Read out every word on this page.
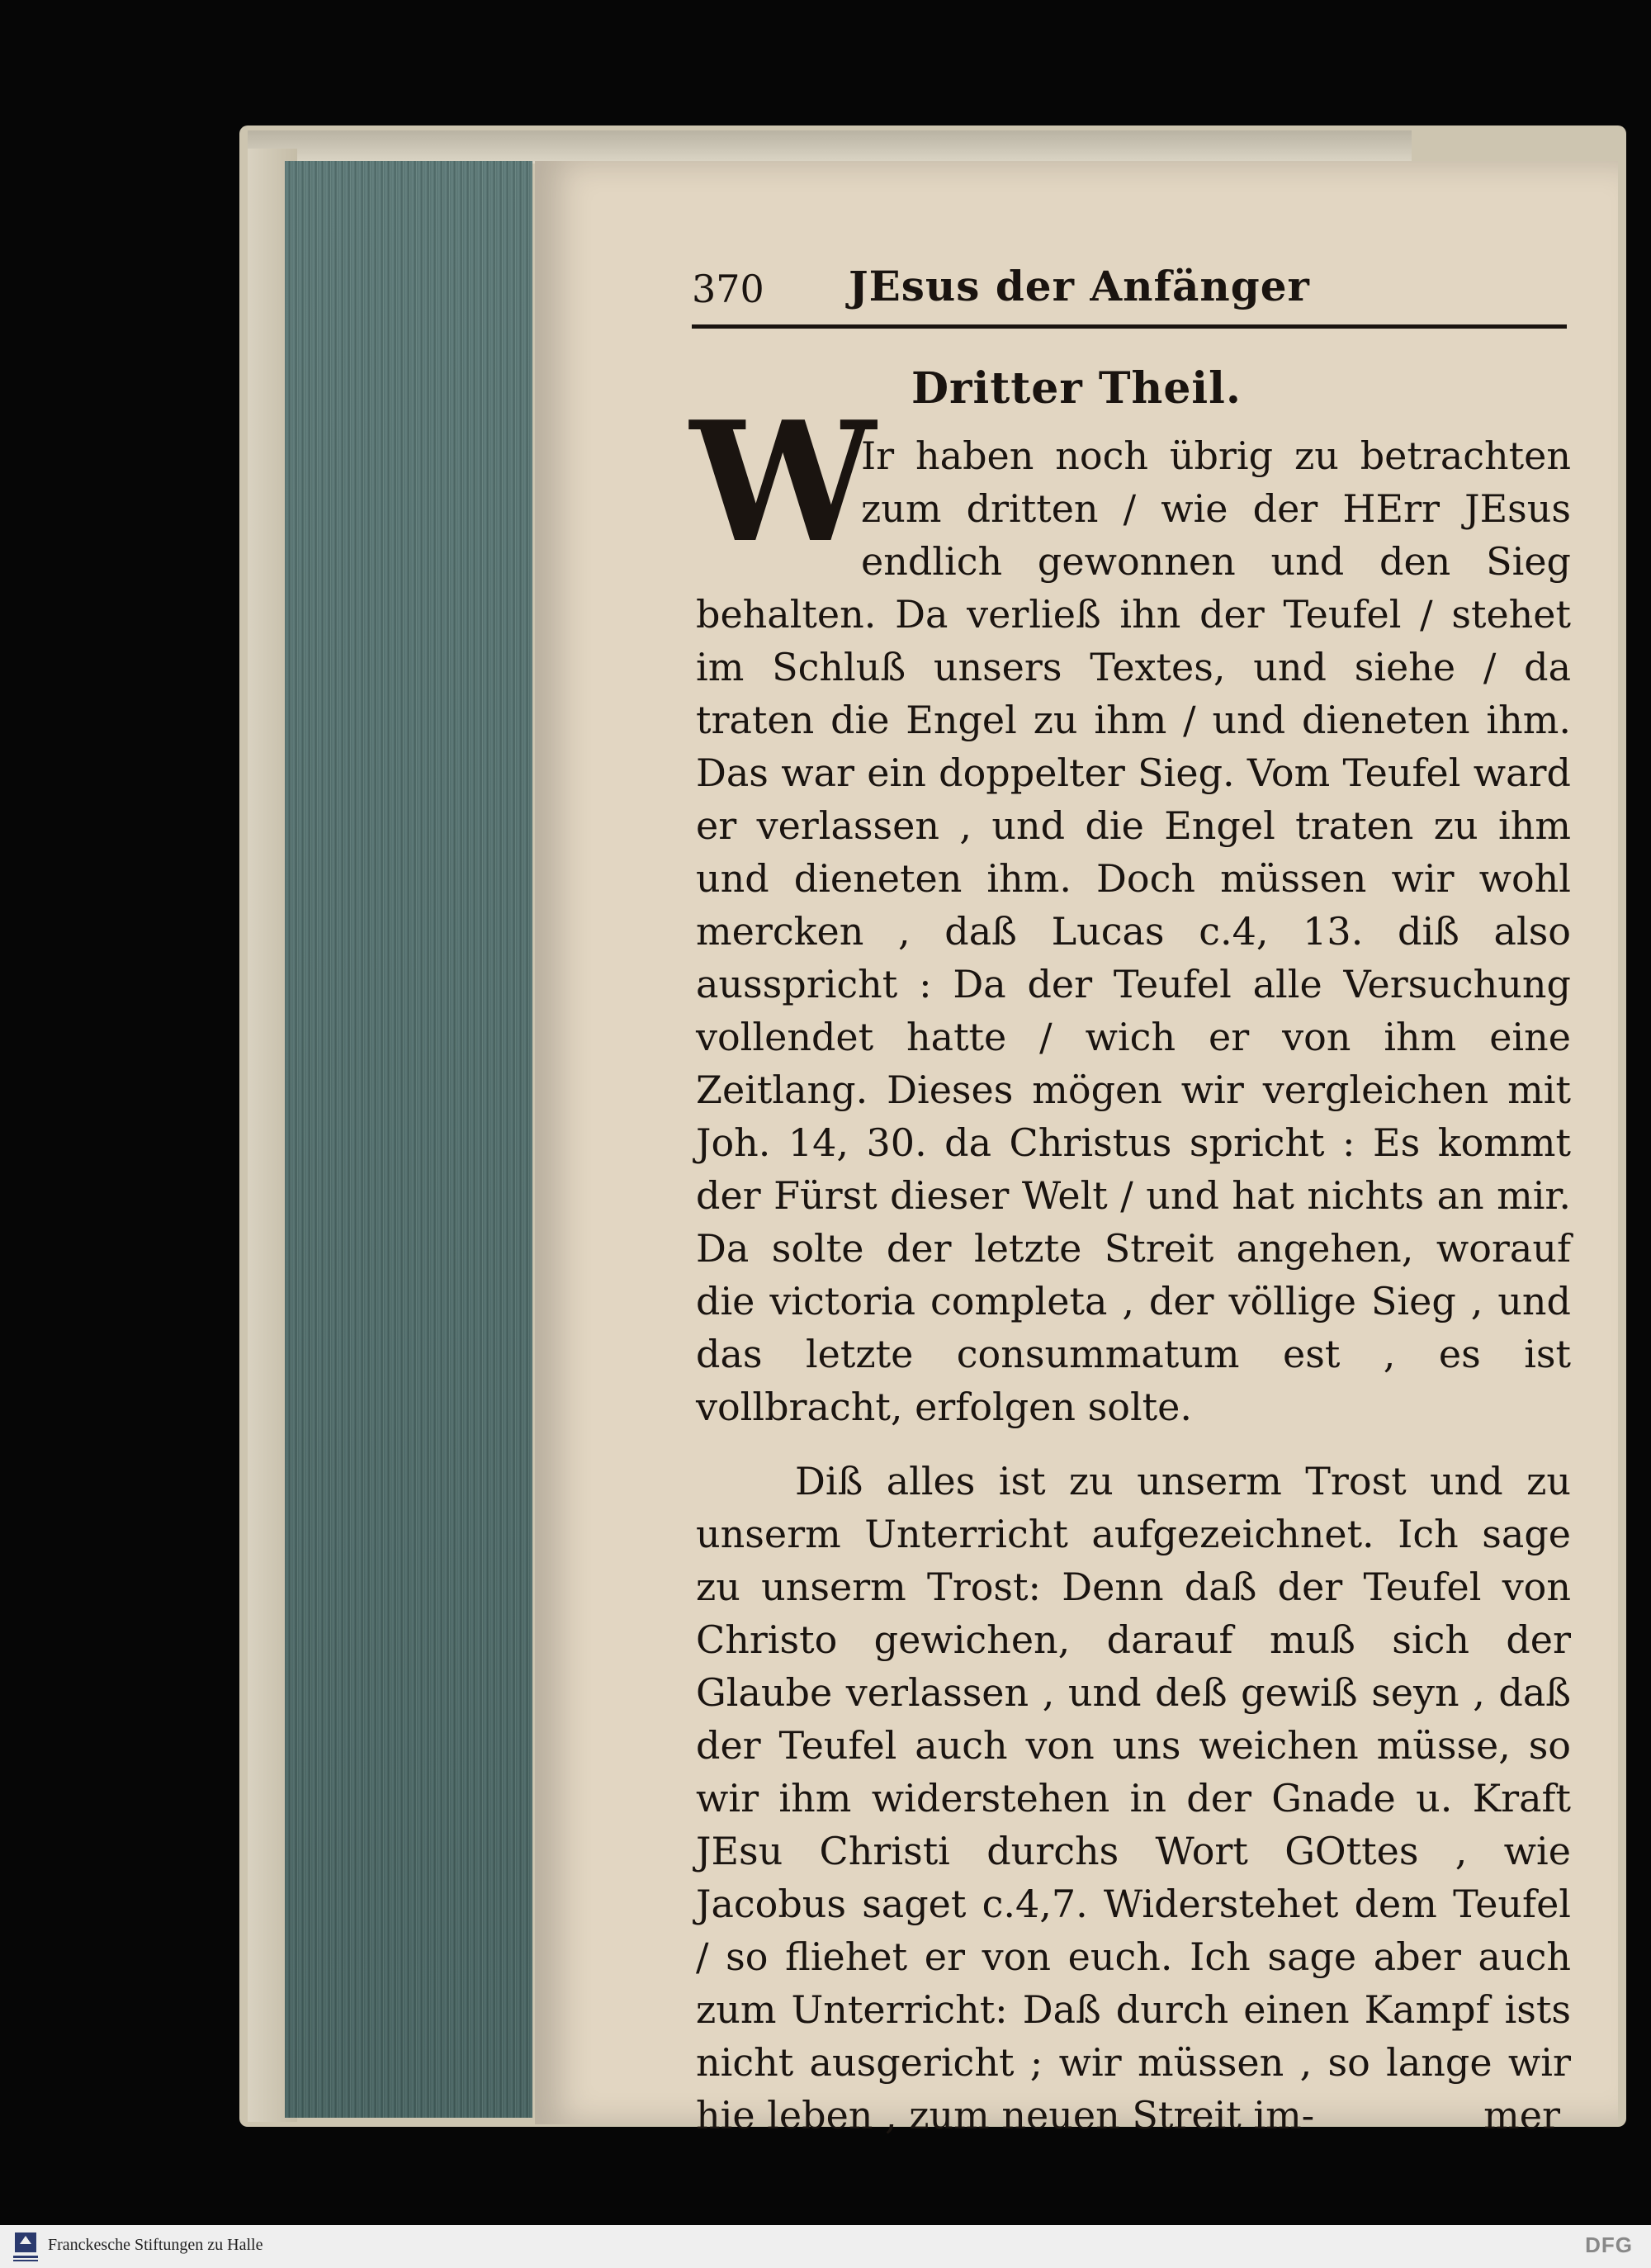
370 JEsus der Anfänger
Dritter Theil.
W

Ir haben noch übrig zu betrachten zum dritten / wie der HErr JEsus endlich gewonnen und den Sieg behalten. Da verließ ihn der Teufel / stehet im Schluß unsers Textes, und siehe / da traten die Engel zu ihm / und dieneten ihm. Das war ein doppelter Sieg. Vom Teufel ward er verlassen , und die Engel traten zu ihm und dieneten ihm. Doch müssen wir wohl mercken , daß Lucas c.4, 13. diß also ausspricht : Da der Teufel alle Versuchung vollendet hatte / wich er von ihm eine Zeitlang. Dieses mögen wir vergleichen mit Joh. 14, 30. da Christus spricht : Es kommt der Fürst dieser Welt / und hat nichts an mir. Da solte der letzte Streit angehen, worauf die victoria completa , der völlige Sieg , und das letzte consummatum est , es ist vollbracht, erfolgen solte.

Diß alles ist zu unserm Trost und zu unserm Unterricht aufgezeichnet. Ich sage zu unserm Trost: Denn daß der Teufel von Christo gewichen, darauf muß sich der Glaube verlassen , und deß gewiß seyn , daß der Teufel auch von uns weichen müsse, so wir ihm widerstehen in der Gnade u. Kraft JEsu Christi durchs Wort GOttes , wie Jacobus saget c.4,7. Widerstehet dem Teufel / so fliehet er von euch. Ich sage aber auch zum Unterricht: Daß durch einen Kampf ists nicht ausgericht ; wir müssen , so lange wir hie leben , zum neuen Streit im-	mer
Franckesche Stiftungen zu Halle	DFG
